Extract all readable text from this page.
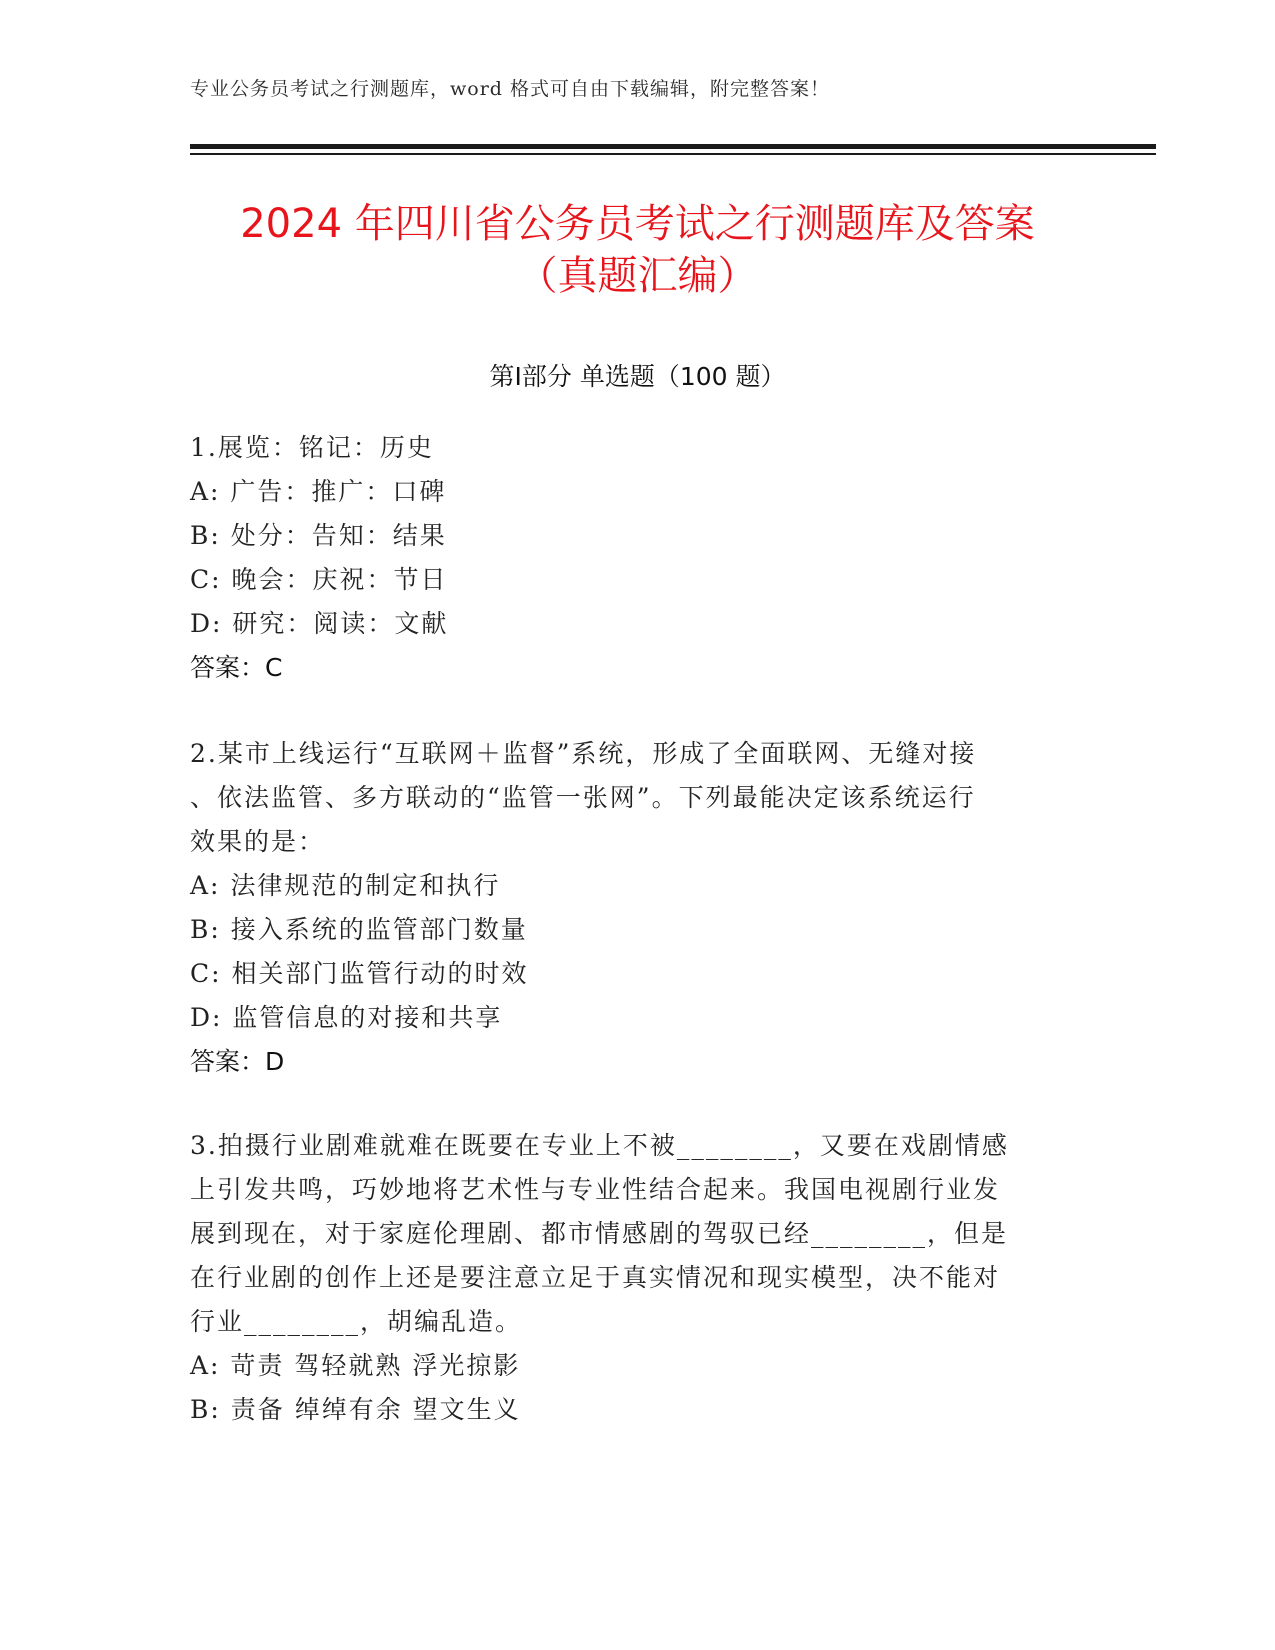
专业公务员考试之行测题库，word 格式可自由下载编辑，附完整答案！
2024 年四川省公务员考试之行测题库及答案
（真题汇编）
第Ⅰ部分 单选题（100 题）
1.展览：铭记：历史
A: 广告：推广：口碑
B: 处分：告知：结果
C: 晚会：庆祝：节日
D: 研究：阅读：文献
答案：C
2.某市上线运行“互联网＋监督”系统，形成了全面联网、无缝对接
、依法监管、多方联动的“监管一张网”。下列最能决定该系统运行
效果的是：
A: 法律规范的制定和执行
B: 接入系统的监管部门数量
C: 相关部门监管行动的时效
D: 监管信息的对接和共享
答案：D
3.拍摄行业剧难就难在既要在专业上不被________，又要在戏剧情感
上引发共鸣，巧妙地将艺术性与专业性结合起来。我国电视剧行业发
展到现在，对于家庭伦理剧、都市情感剧的驾驭已经________，但是
在行业剧的创作上还是要注意立足于真实情况和现实模型，决不能对
行业________，胡编乱造。
A: 苛责 驾轻就熟 浮光掠影
B: 责备 绰绰有余 望文生义
